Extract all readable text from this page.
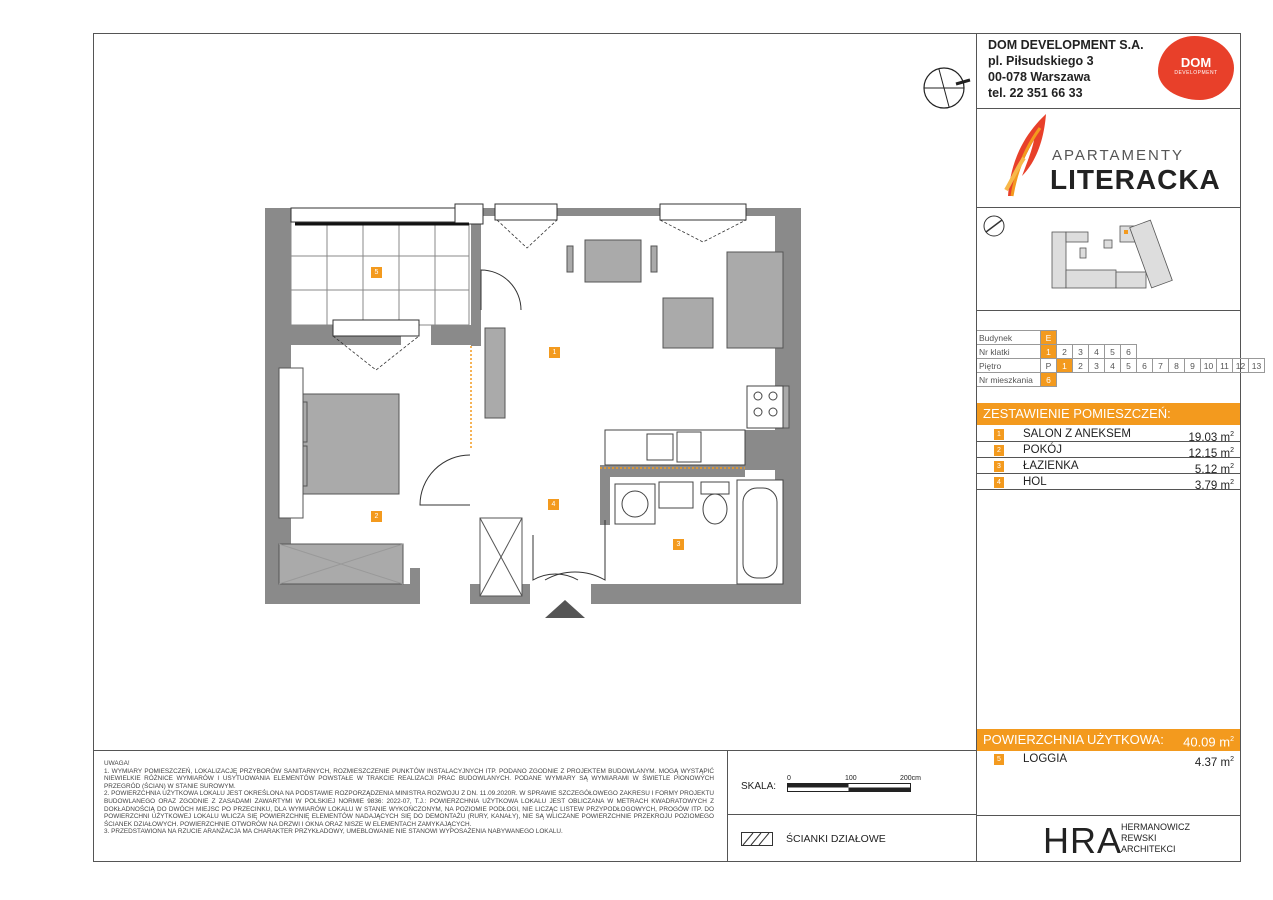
DOM DEVELOPMENT S.A.
pl. Piłsudskiego 3
00-078 Warszawa
tel. 22 351 66 33
DOM
DEVELOPMENT
APARTAMENTY
LITERACKA
Budynek	E													
Nr klatki	1	2	3	4	5	6								
Piętro	P	1	2	3	4	5	6	7	8	9	10	11	12	13
Nr mieszkania	6													
ZESTAWIENIE POMIESZCZEŃ:
1 SALON Z ANEKSEM	19.03 $m^2$
2 POKÓJ	12.15 $m^2$
3 ŁAZIENKA	5.12 $m^2$
4 HOL	3.79 $m^2$
POWIERZCHNIA UŻYTKOWA: 40.09 $m^2$
5 LOGGIA	4.37 $m^2$
1
2
3
4
5
UWAGA!
1. WYMIARY POMIESZCZEŃ, LOKALIZACJĘ PRZYBORÓW SANITARNYCH, ROZMIESZCZENIE PUNKTÓW INSTALACYJNYCH ITP. PODANO ZGODNIE Z PROJEKTEM BUDOWLANYM. MOGĄ WYSTĄPIĆ NIEWIELKIE RÓŻNICE WYMIARÓW I USYTUOWANIA ELEMENTÓW POWSTAŁE W TRAKCIE REALIZACJI PRAC BUDOWLANYCH. PODANE WYMIARY SĄ WYMIARAMI W ŚWIETLE PIONOWYCH PRZEGRÓD (ŚCIAN) W STANIE SUROWYM.
2. POWIERZCHNIA UŻYTKOWA LOKALU JEST OKREŚLONA NA PODSTAWIE ROZPORZĄDZENIA MINISTRA ROZWOJU Z DN. 11.09.2020R. W SPRAWIE SZCZEGÓŁOWEGO ZAKRESU I FORMY PROJEKTU BUDOWLANEGO ORAZ ZGODNIE Z ZASADAMI ZAWARTYMI W POLSKIEJ NORMIE 9836: 2022-07, T.J.: POWIERZCHNIA UŻYTKOWA LOKALU JEST OBLICZANA W METRACH KWADRATOWYCH Z DOKŁADNOŚCIĄ DO DWÓCH MIEJSC PO PRZECINKU, DLA WYMIARÓW LOKALU W STANIE WYKOŃCZONYM, NA POZIOMIE PODŁOGI, NIE LICZĄC LISTEW PRZYPODŁOGOWYCH, PROGÓW ITP. DO POWIERZCHNI UŻYTKOWEJ LOKALU WLICZA SIĘ POWIERZCHNIĘ ELEMENTÓW NADAJĄCYCH SIĘ DO DEMONTAŻU (RURY, KANAŁY), NIE SĄ WLICZANE POWIERZCHNIE PRZEKROJU POZIOMEGO ŚCIANEK DZIAŁOWYCH. POWIERZCHNIE OTWORÓW NA DRZWI I OKNA ORAZ NISZE W ELEMENTACH ZAMYKAJĄCYCH.
3. PRZEDSTAWIONA NA RZUCIE ARANŻACJA MA CHARAKTER PRZYKŁADOWY, UMEBLOWANIE NIE STANOWI WYPOSAŻENIA NABYWANEGO LOKALU.
SKALA:
0	100	200cm
ŚCIANKI DZIAŁOWE	HRA
HERMANOWICZ
REWSKI
ARCHITEKCI
